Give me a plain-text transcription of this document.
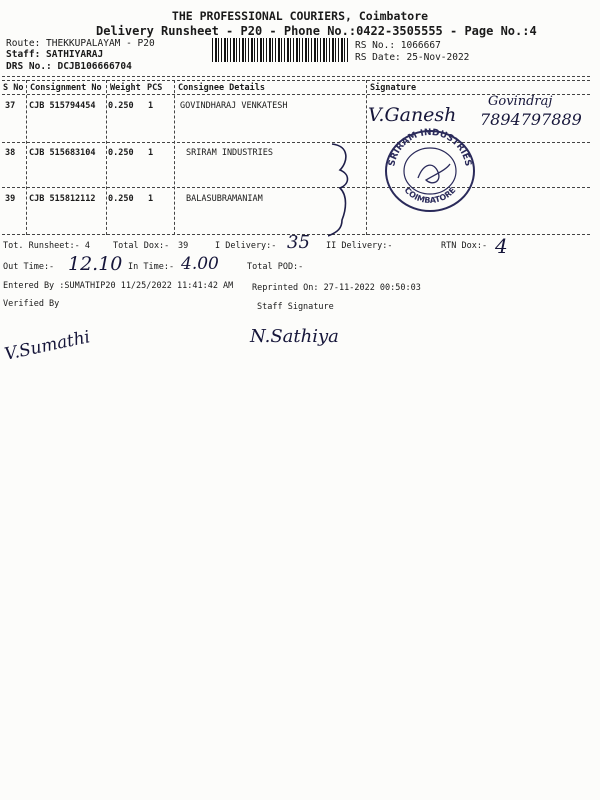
THE PROFESSIONAL COURIERS, Coimbatore
Delivery Runsheet - P20 - Phone No.:0422-3505555 - Page No.:4
Route: THEKKUPALAYAM - P20
Staff: SATHIYARAJ
DRS No.: DCJB106666704
RS No.: 1066667
RS Date: 25-Nov-2022
S No Consignment No Weight PCS Consignee Details	Signature
37 CJB 515794454 0.250 1	GOVINDHARAJ VENKATESH
38 CJB 515683104 0.250 1	SRIRAM INDUSTRIES
39 CJB 515812112 0.250 1	BALASUBRAMANIAM
V.Ganesh
Govindraj
7894797889
SRIRAM INDUSTRIES
COIMBATORE
Tot. Runsheet:- 4	Total Dox:- 39	I Delivery:- 35 II Delivery:-	RTN Dox:- 4
Out Time:- 12.10 In Time:- 4.00	Total POD:-
Entered By :SUMATHIP20 11/25/2022 11:41:42 AM Reprinted On: 27-11-2022 00:50:03
Verified By	Staff Signature
V.Sumathi	N.Sathiya
